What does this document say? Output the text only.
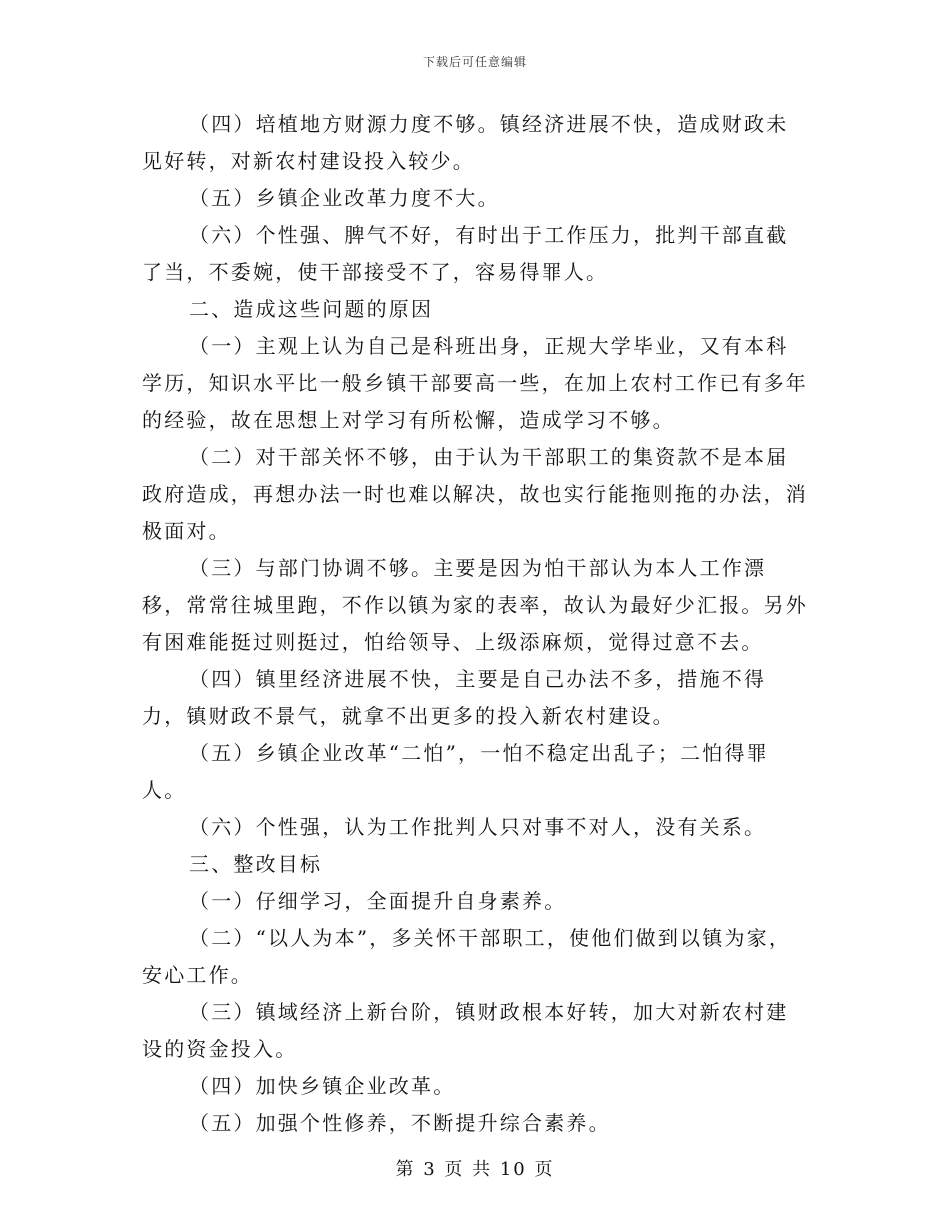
下载后可任意编辑

（四）培植地方财源力度不够。镇经济进展不快，造成财政未见好转，对新农村建设投入较少。

（五）乡镇企业改革力度不大。

（六）个性强、脾气不好，有时出于工作压力，批判干部直截了当，不委婉，使干部接受不了，容易得罪人。

二、造成这些问题的原因

（一）主观上认为自己是科班出身，正规大学毕业，又有本科学历，知识水平比一般乡镇干部要高一些，在加上农村工作已有多年的经验，故在思想上对学习有所松懈，造成学习不够。

（二）对干部关怀不够，由于认为干部职工的集资款不是本届政府造成，再想办法一时也难以解决，故也实行能拖则拖的办法，消极面对。

（三）与部门协调不够。主要是因为怕干部认为本人工作漂移，常常往城里跑，不作以镇为家的表率，故认为最好少汇报。另外有困难能挺过则挺过，怕给领导、上级添麻烦，觉得过意不去。

（四）镇里经济进展不快，主要是自己办法不多，措施不得力，镇财政不景气，就拿不出更多的投入新农村建设。

（五）乡镇企业改革“二怕”，一怕不稳定出乱子；二怕得罪人。

（六）个性强，认为工作批判人只对事不对人，没有关系。

三、整改目标

（一）仔细学习，全面提升自身素养。

（二）“以人为本”，多关怀干部职工，使他们做到以镇为家，安心工作。

（三）镇域经济上新台阶，镇财政根本好转，加大对新农村建设的资金投入。

（四）加快乡镇企业改革。

（五）加强个性修养，不断提升综合素养。

第 3 页 共 10 页
